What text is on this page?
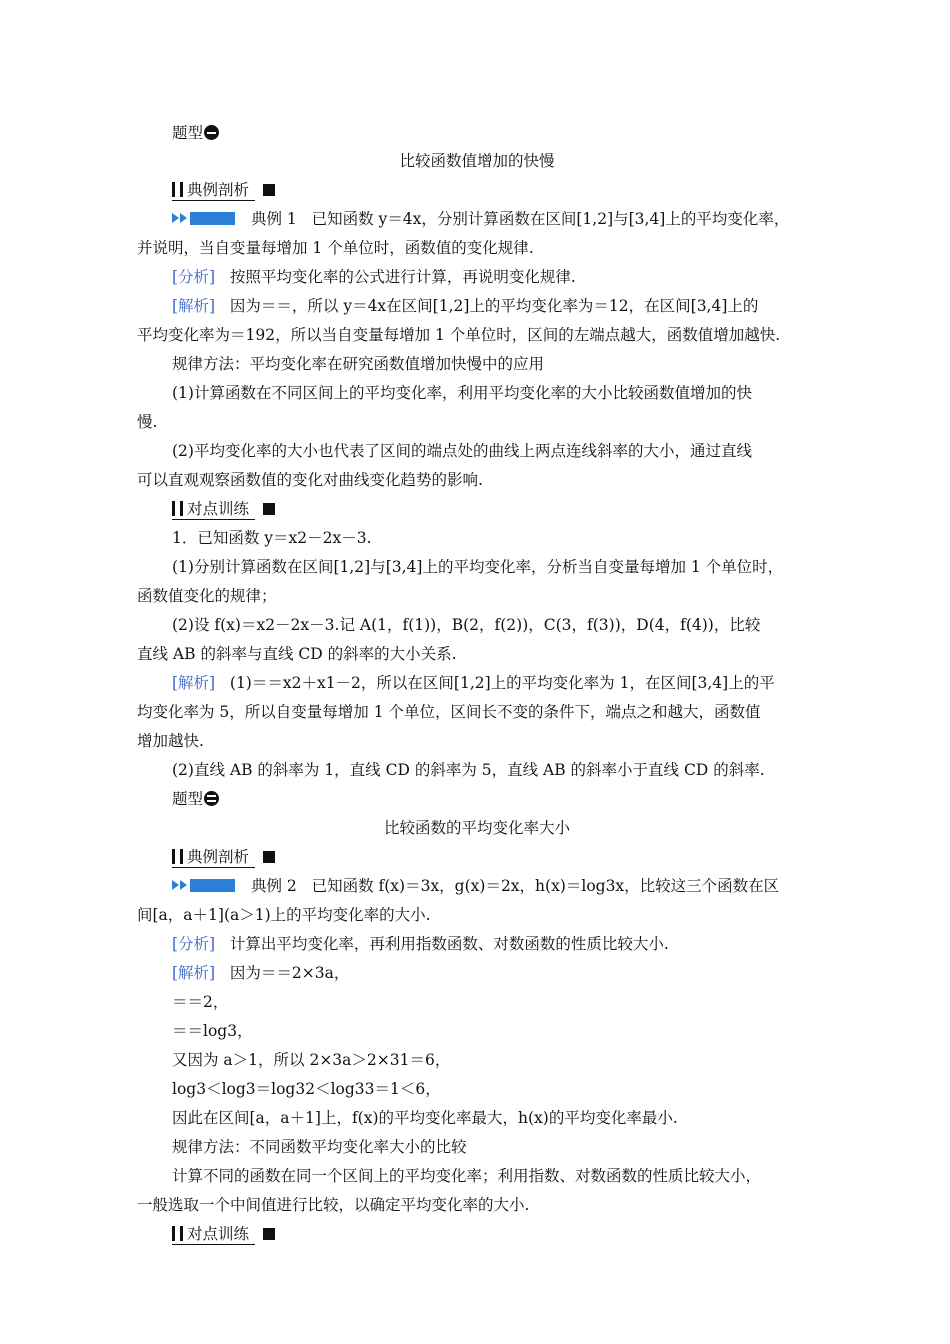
题型
比较函数值增加的快慢
典例剖析
典例 1 已知函数 y＝4x，分别计算函数在区间[1,2]与[3,4]上的平均变化率，
并说明，当自变量每增加 1 个单位时，函数值的变化规律.
[分析] 按照平均变化率的公式进行计算，再说明变化规律.
[解析] 因为＝＝，所以 y＝4x在区间[1,2]上的平均变化率为＝12，在区间[3,4]上的
平均变化率为＝192，所以当自变量每增加 1 个单位时，区间的左端点越大，函数值增加越快.
规律方法：平均变化率在研究函数值增加快慢中的应用
(1)计算函数在不同区间上的平均变化率，利用平均变化率的大小比较函数值增加的快
慢.
(2)平均变化率的大小也代表了区间的端点处的曲线上两点连线斜率的大小，通过直线
可以直观观察函数值的变化对曲线变化趋势的影响.
对点训练
1．已知函数 y＝x2－2x－3.
(1)分别计算函数在区间[1,2]与[3,4]上的平均变化率，分析当自变量每增加 1 个单位时，
函数值变化的规律；
(2)设 f(x)＝x2－2x－3.记 A(1，f(1))，B(2，f(2))，C(3，f(3))，D(4，f(4))，比较
直线 AB 的斜率与直线 CD 的斜率的大小关系.
[解析] (1)＝＝x2＋x1－2，所以在区间[1,2]上的平均变化率为 1，在区间[3,4]上的平
均变化率为 5，所以自变量每增加 1 个单位，区间长不变的条件下，端点之和越大，函数值
增加越快.
(2)直线 AB 的斜率为 1，直线 CD 的斜率为 5，直线 AB 的斜率小于直线 CD 的斜率.
题型
比较函数的平均变化率大小
典例剖析
典例 2 已知函数 f(x)＝3x，g(x)＝2x，h(x)＝log3x，比较这三个函数在区
间[a，a＋1](a＞1)上的平均变化率的大小.
[分析] 计算出平均变化率，再利用指数函数、对数函数的性质比较大小.
[解析] 因为＝＝2×3a，
＝＝2，
＝＝log3，
又因为 a＞1，所以 2×3a＞2×31＝6，
log3＜log3＝log32＜log33＝1＜6，
因此在区间[a，a＋1]上，f(x)的平均变化率最大，h(x)的平均变化率最小.
规律方法：不同函数平均变化率大小的比较
计算不同的函数在同一个区间上的平均变化率；利用指数、对数函数的性质比较大小，
一般选取一个中间值进行比较，以确定平均变化率的大小.
对点训练
